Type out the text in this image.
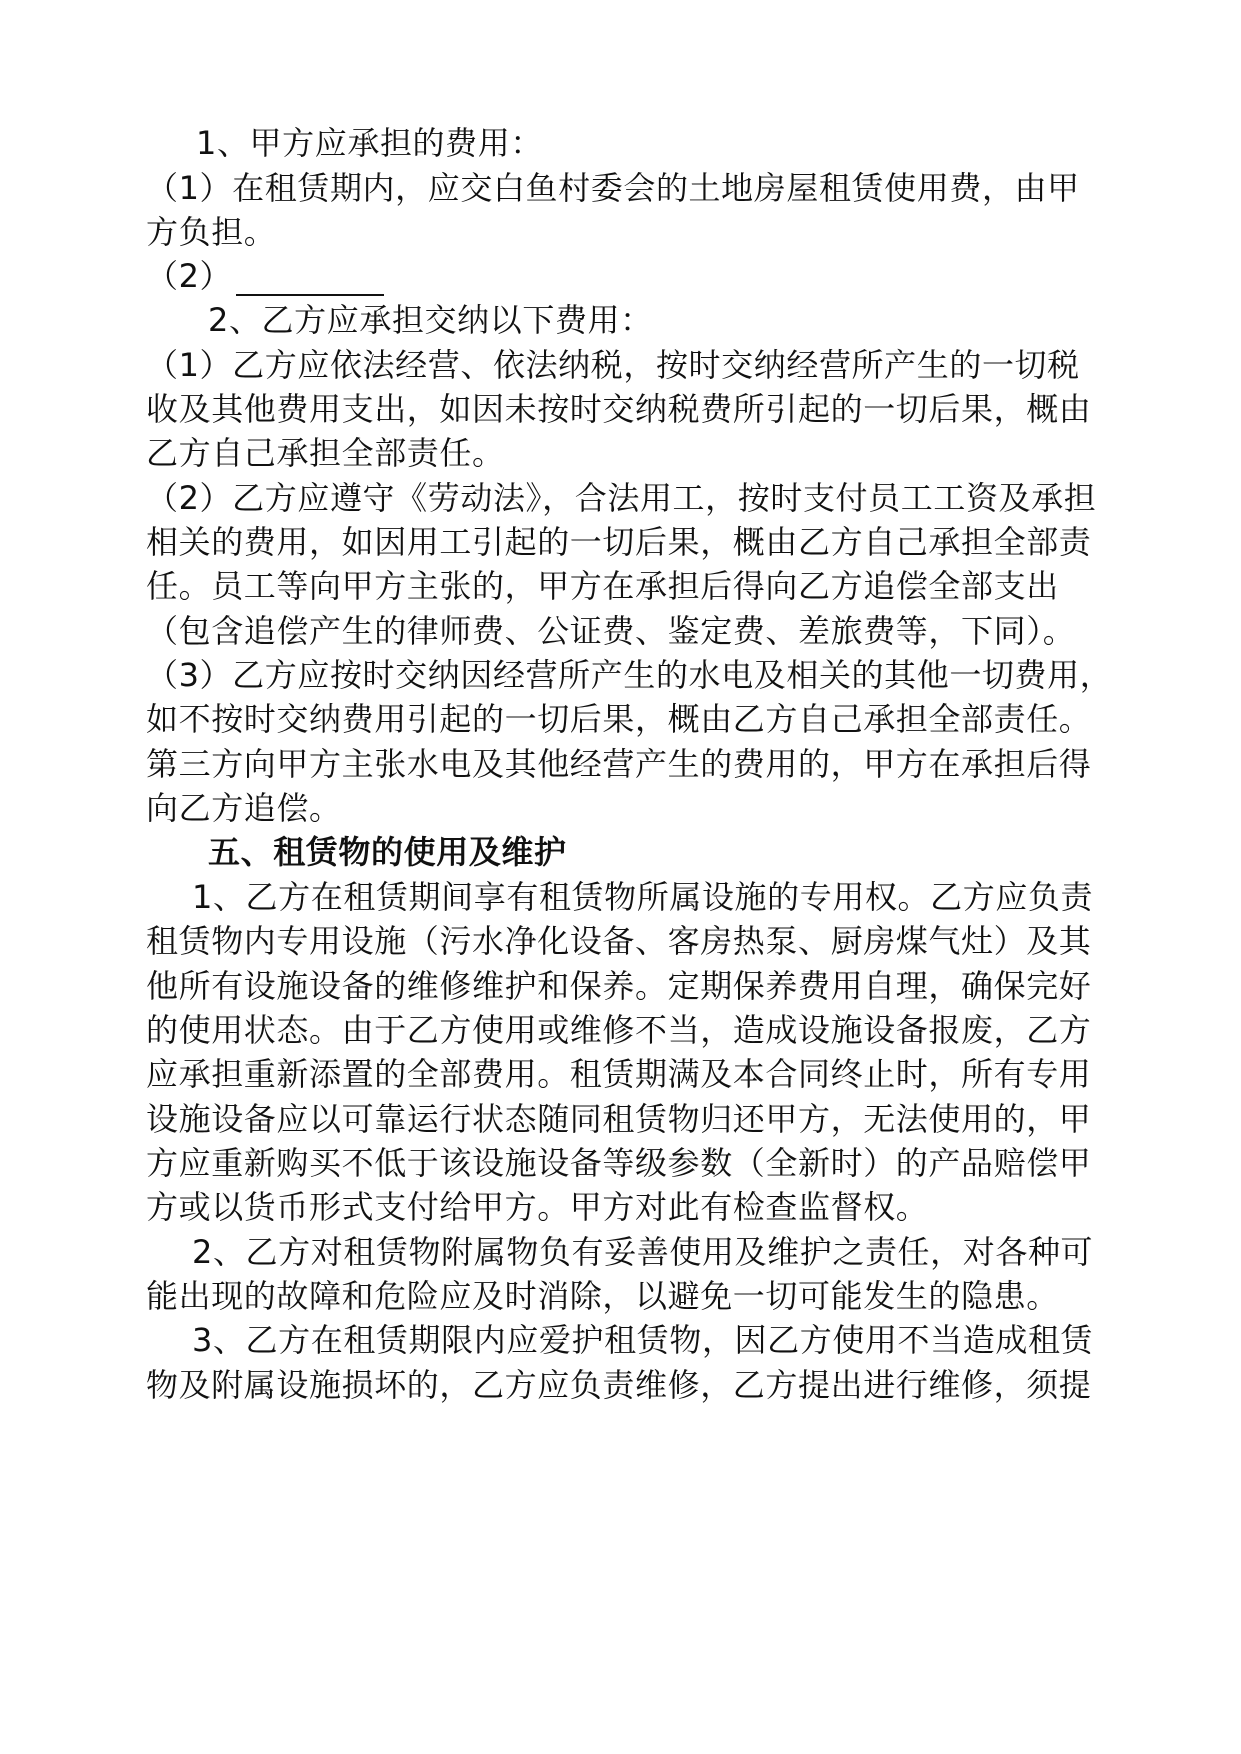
1、甲方应承担的费用：
（1）在租赁期内，应交白鱼村委会的土地房屋租赁使用费，由甲
方负担。
（2）
2、乙方应承担交纳以下费用：
（1）乙方应依法经营、依法纳税，按时交纳经营所产生的一切税
收及其他费用支出，如因未按时交纳税费所引起的一切后果，概由
乙方自己承担全部责任。
（2）乙方应遵守《劳动法》，合法用工，按时支付员工工资及承担
相关的费用，如因用工引起的一切后果，概由乙方自己承担全部责
任。员工等向甲方主张的，甲方在承担后得向乙方追偿全部支出
（包含追偿产生的律师费、公证费、鉴定费、差旅费等，下同）。
（3）乙方应按时交纳因经营所产生的水电及相关的其他一切费用，
如不按时交纳费用引起的一切后果，概由乙方自己承担全部责任。
第三方向甲方主张水电及其他经营产生的费用的，甲方在承担后得
向乙方追偿。
五、租赁物的使用及维护
1、乙方在租赁期间享有租赁物所属设施的专用权。乙方应负责
租赁物内专用设施（污水净化设备、客房热泵、厨房煤气灶）及其
他所有设施设备的维修维护和保养。定期保养费用自理，确保完好
的使用状态。由于乙方使用或维修不当，造成设施设备报废，乙方
应承担重新添置的全部费用。租赁期满及本合同终止时，所有专用
设施设备应以可靠运行状态随同租赁物归还甲方，无法使用的，甲
方应重新购买不低于该设施设备等级参数（全新时）的产品赔偿甲
方或以货币形式支付给甲方。甲方对此有检查监督权。
2、乙方对租赁物附属物负有妥善使用及维护之责任，对各种可
能出现的故障和危险应及时消除，以避免一切可能发生的隐患。
3、乙方在租赁期限内应爱护租赁物，因乙方使用不当造成租赁
物及附属设施损坏的，乙方应负责维修，乙方提出进行维修，须提
